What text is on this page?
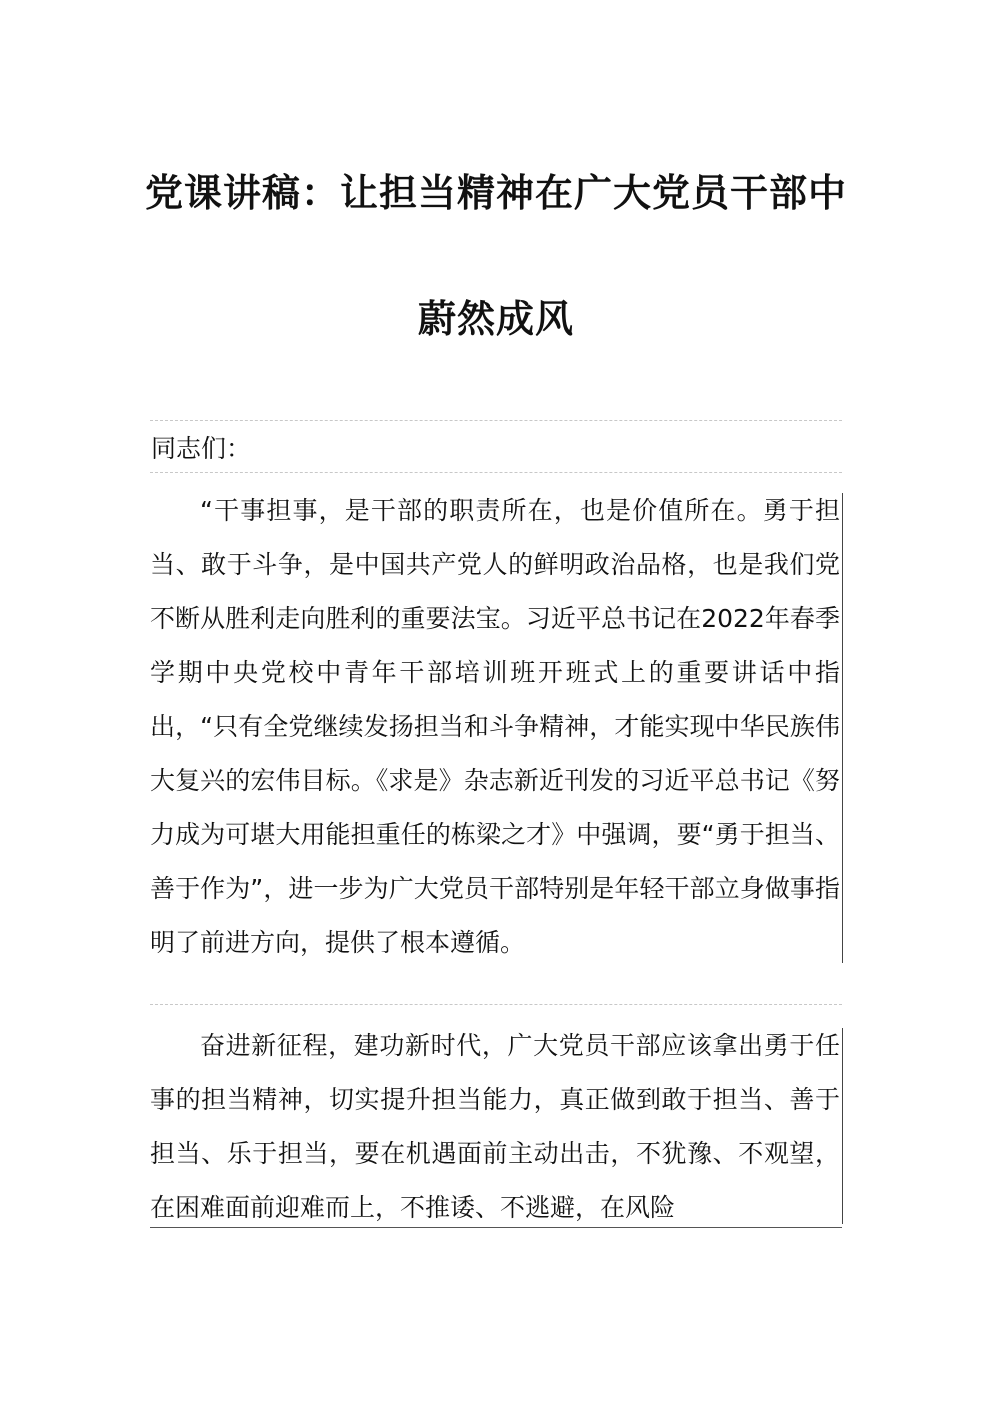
党课讲稿：让担当精神在广大党员干部中
蔚然成风

同志们：

“干事担事，是干部的职责所在，也是价值所在。勇于担当、敢于斗争，是中国共产党人的鲜明政治品格，也是我们党不断从胜利走向胜利的重要法宝。习近平总书记在2022年春季学期中央党校中青年干部培训班开班式上的重要讲话中指出，“只有全党继续发扬担当和斗争精神，才能实现中华民族伟大复兴的宏伟目标。《求是》杂志新近刊发的习近平总书记《努力成为可堪大用能担重任的栋梁之才》中强调，要“勇于担当、善于作为”，进一步为广大党员干部特别是年轻干部立身做事指明了前进方向，提供了根本遵循。

奋进新征程，建功新时代，广大党员干部应该拿出勇于任事的担当精神，切实提升担当能力，真正做到敢于担当、善于担当、乐于担当，要在机遇面前主动出击，不犹豫、不观望，在困难面前迎难而上，不推诿、不逃避，在风险
